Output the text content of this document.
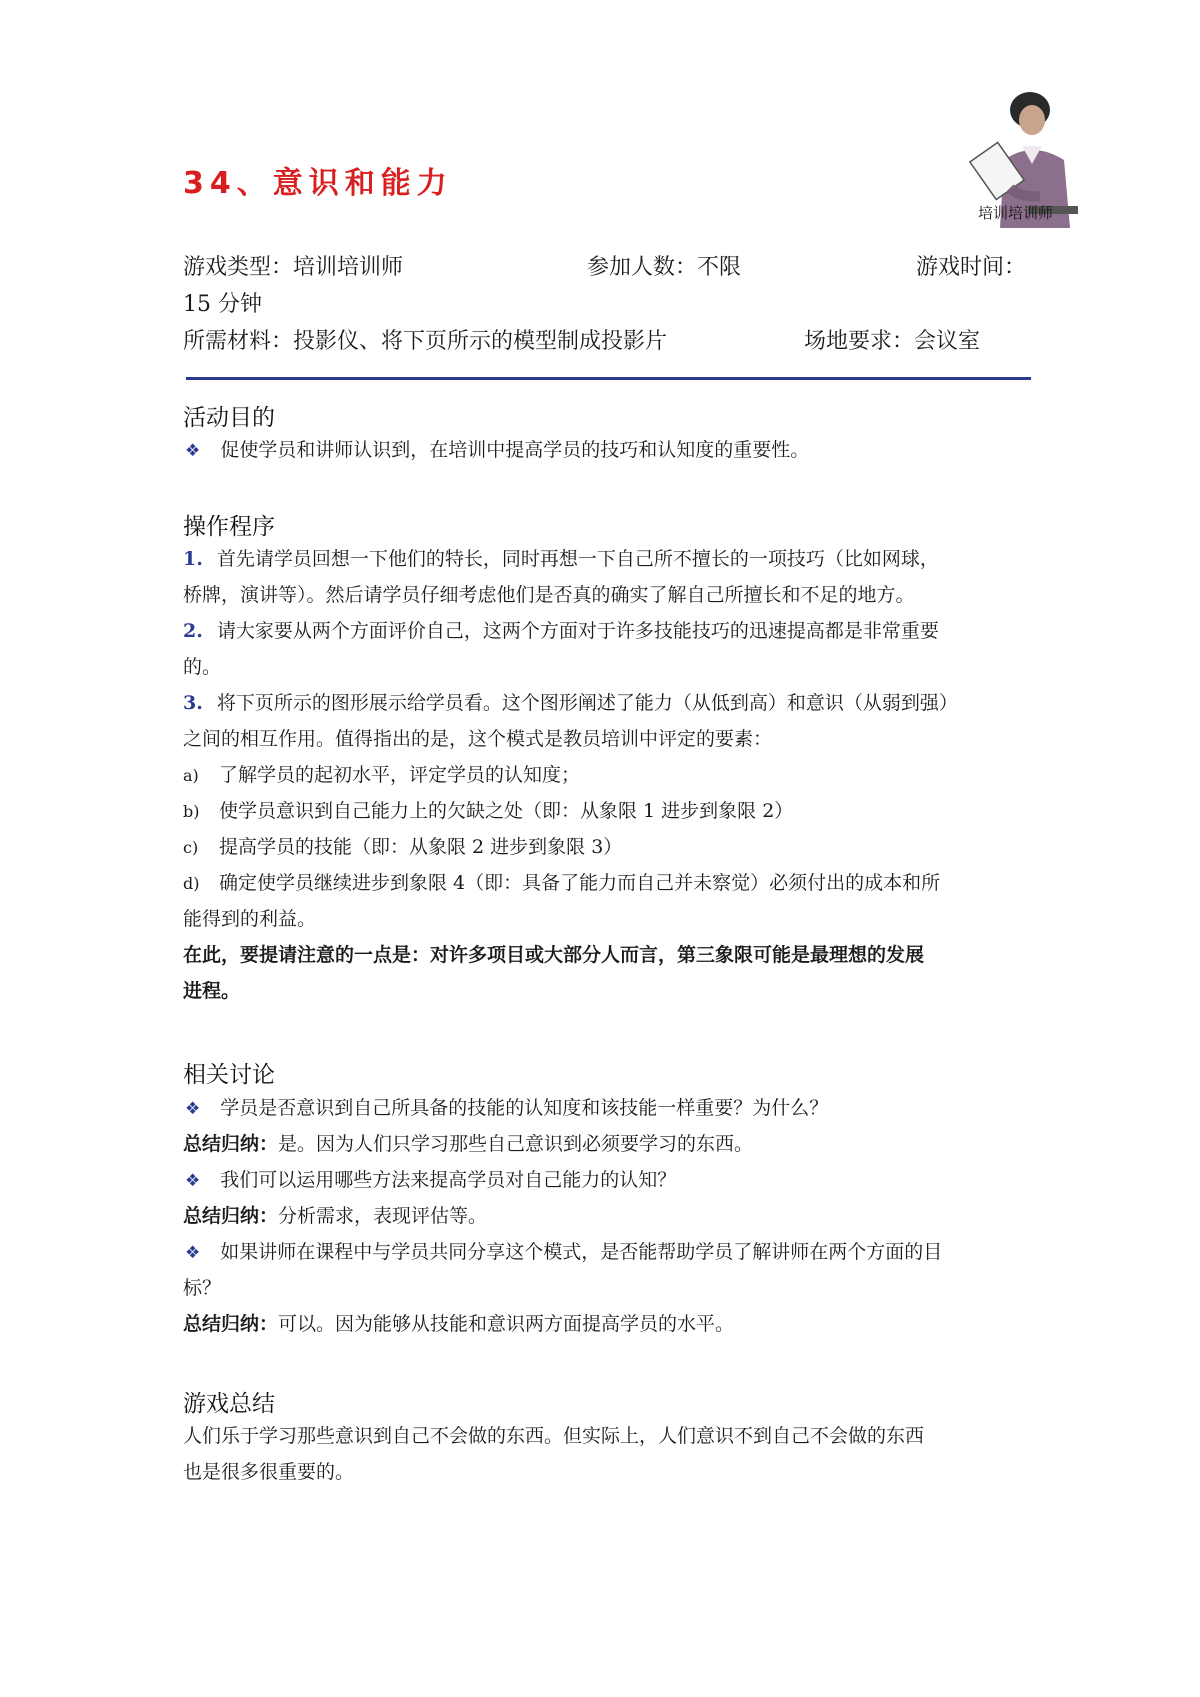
34、意识和能力
培训培训师
游戏类型：培训培训师	参加人数：不限	游戏时间：
15 分钟
所需材料：投影仪、将下页所示的模型制成投影片	场地要求：会议室
活动目的
❖ 促使学员和讲师认识到，在培训中提高学员的技巧和认知度的重要性。
操作程序
1. 首先请学员回想一下他们的特长，同时再想一下自己所不擅长的一项技巧（比如网球，
桥牌，演讲等）。然后请学员仔细考虑他们是否真的确实了解自己所擅长和不足的地方。
2. 请大家要从两个方面评价自己，这两个方面对于许多技能技巧的迅速提高都是非常重要
的。
3. 将下页所示的图形展示给学员看。这个图形阐述了能力（从低到高）和意识（从弱到强）
之间的相互作用。值得指出的是，这个模式是教员培训中评定的要素：
a) 了解学员的起初水平，评定学员的认知度；
b) 使学员意识到自己能力上的欠缺之处（即：从象限 1 进步到象限 2）
c) 提高学员的技能（即：从象限 2 进步到象限 3）
d) 确定使学员继续进步到象限 4（即：具备了能力而自己并未察觉）必须付出的成本和所
能得到的利益。
在此，要提请注意的一点是：对许多项目或大部分人而言，第三象限可能是最理想的发展
进程。
相关讨论
❖ 学员是否意识到自己所具备的技能的认知度和该技能一样重要？为什么？
总结归纳：是。因为人们只学习那些自己意识到必须要学习的东西。
❖ 我们可以运用哪些方法来提高学员对自己能力的认知？
总结归纳：分析需求，表现评估等。
❖ 如果讲师在课程中与学员共同分享这个模式，是否能帮助学员了解讲师在两个方面的目
标？
总结归纳：可以。因为能够从技能和意识两方面提高学员的水平。
游戏总结
人们乐于学习那些意识到自己不会做的东西。但实际上，人们意识不到自己不会做的东西
也是很多很重要的。
